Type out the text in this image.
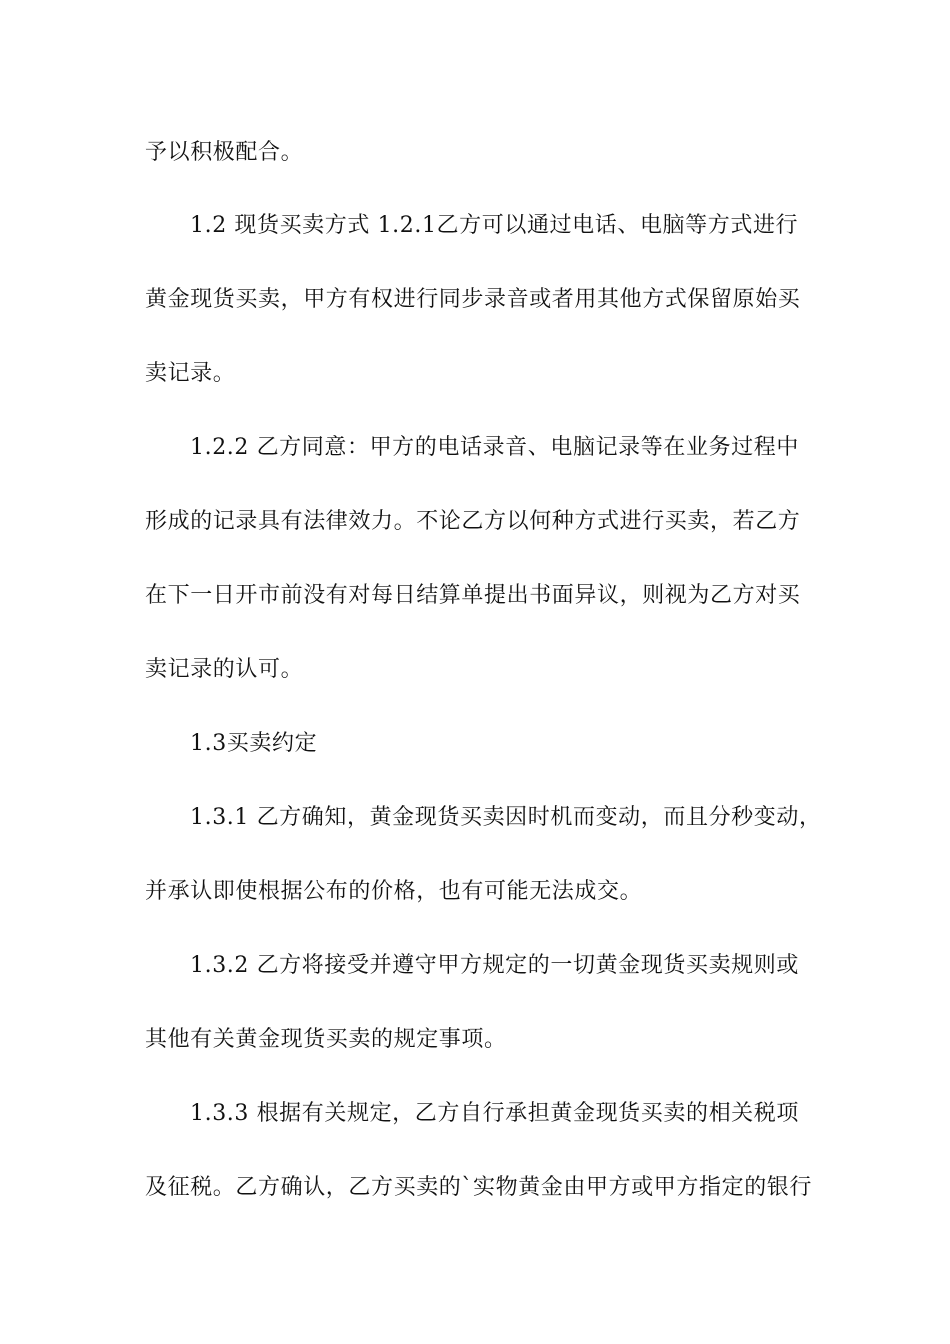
予以积极配合。
1.2 现货买卖方式 1.2.1乙方可以通过电话、电脑等方式进行
黄金现货买卖，甲方有权进行同步录音或者用其他方式保留原始买
卖记录。
1.2.2 乙方同意：甲方的电话录音、电脑记录等在业务过程中
形成的记录具有法律效力。不论乙方以何种方式进行买卖，若乙方
在下一日开市前没有对每日结算单提出书面异议，则视为乙方对买
卖记录的认可。
1.3买卖约定
1.3.1 乙方确知，黄金现货买卖因时机而变动，而且分秒变动，
并承认即使根据公布的价格，也有可能无法成交。
1.3.2 乙方将接受并遵守甲方规定的一切黄金现货买卖规则或
其他有关黄金现货买卖的规定事项。
1.3.3 根据有关规定，乙方自行承担黄金现货买卖的相关税项
及征税。乙方确认，乙方买卖的`实物黄金由甲方或甲方指定的银行
